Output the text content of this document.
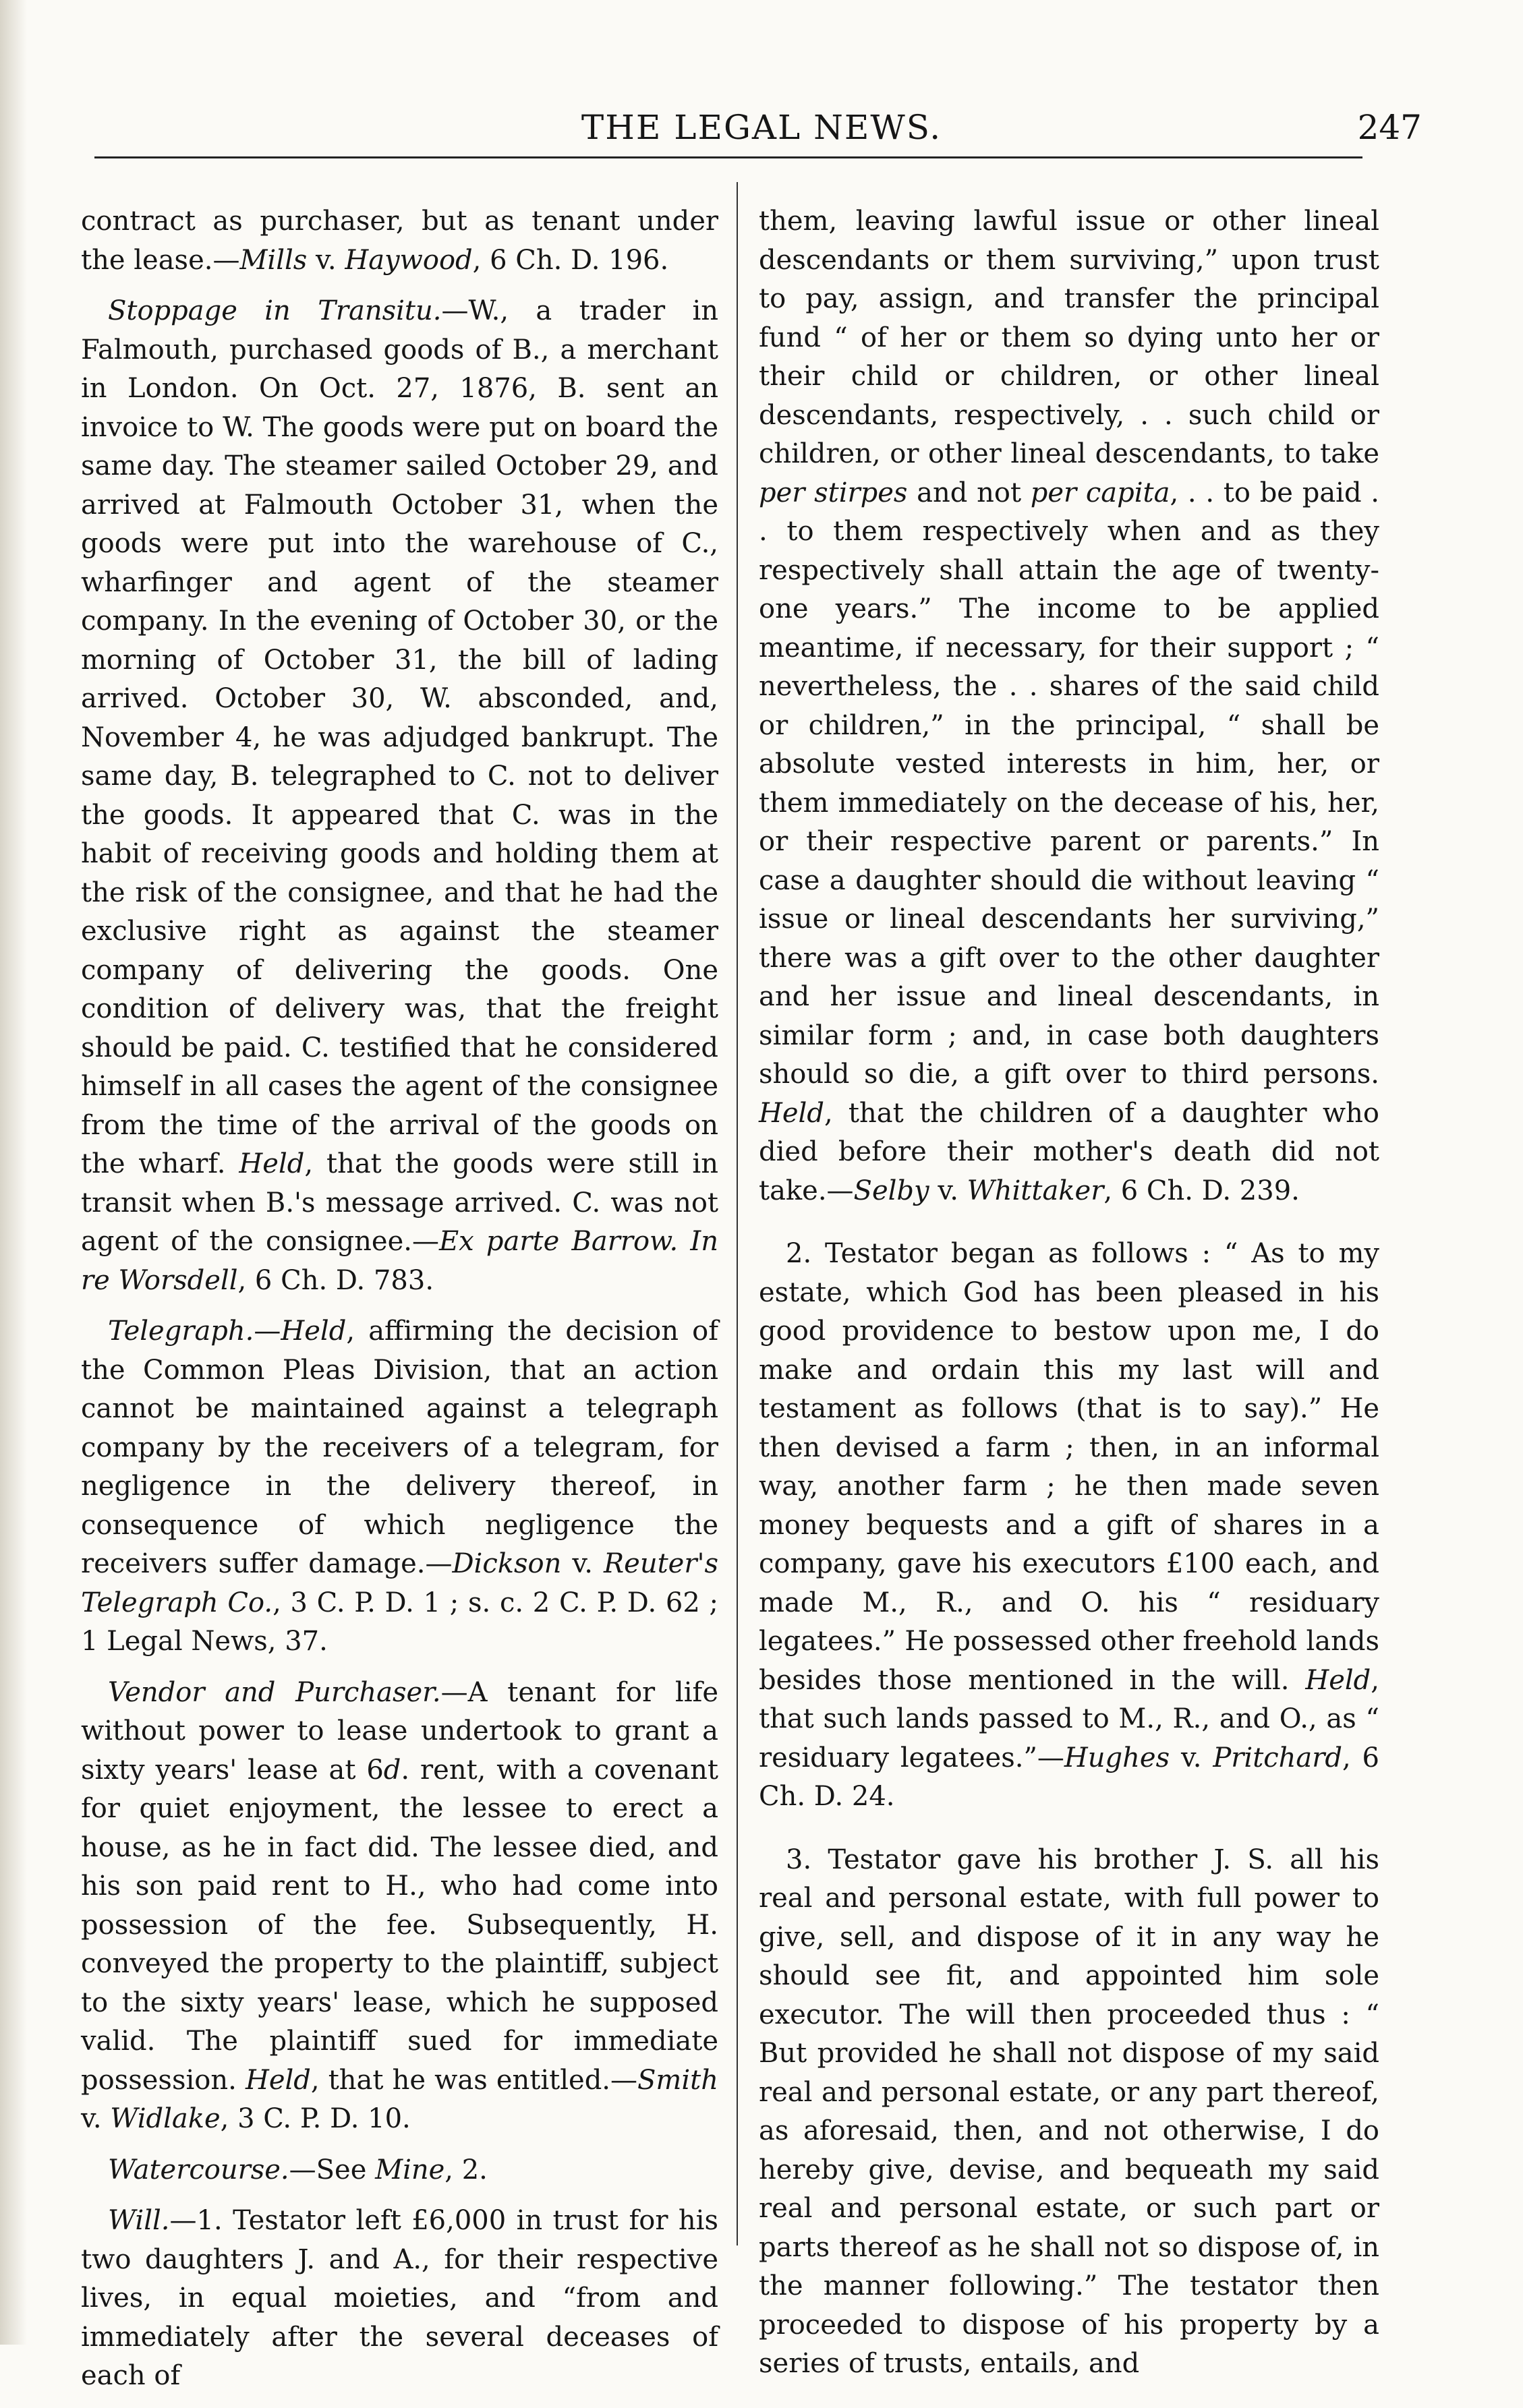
THE LEGAL NEWS.	247

contract as purchaser, but as tenant under the lease.—Mills v. Haywood, 6 Ch. D. 196.

Stoppage in Transitu.—W., a trader in Falmouth, purchased goods of B., a merchant in London. On Oct. 27, 1876, B. sent an invoice to W. The goods were put on board the same day. The steamer sailed October 29, and arrived at Falmouth October 31, when the goods were put into the warehouse of C., wharfinger and agent of the steamer company. In the evening of October 30, or the morning of October 31, the bill of lading arrived. October 30, W. absconded, and, November 4, he was adjudged bankrupt. The same day, B. telegraphed to C. not to deliver the goods. It appeared that C. was in the habit of receiving goods and holding them at the risk of the consignee, and that he had the exclusive right as against the steamer company of delivering the goods. One condition of delivery was, that the freight should be paid. C. testified that he considered himself in all cases the agent of the consignee from the time of the arrival of the goods on the wharf. Held, that the goods were still in transit when B.'s message arrived. C. was not agent of the consignee.—Ex parte Barrow. In re Worsdell, 6 Ch. D. 783.

Telegraph.—Held, affirming the decision of the Common Pleas Division, that an action cannot be maintained against a telegraph company by the receivers of a telegram, for negligence in the delivery thereof, in consequence of which negligence the receivers suffer damage.—Dickson v. Reuter's Telegraph Co., 3 C. P. D. 1 ; s. c. 2 C. P. D. 62 ; 1 Legal News, 37.

Vendor and Purchaser.—A tenant for life without power to lease undertook to grant a sixty years' lease at 6d. rent, with a covenant for quiet enjoyment, the lessee to erect a house, as he in fact did. The lessee died, and his son paid rent to H., who had come into possession of the fee. Subsequently, H. conveyed the property to the plaintiff, subject to the sixty years' lease, which he supposed valid. The plaintiff sued for immediate possession. Held, that he was entitled.—Smith v. Widlake, 3 C. P. D. 10.

Watercourse.—See Mine, 2.

Will.—1. Testator left £6,000 in trust for his two daughters J. and A., for their respective lives, in equal moieties, and “from and immediately after the several deceases of each of

them, leaving lawful issue or other lineal descendants or them surviving,” upon trust to pay, assign, and transfer the principal fund “ of her or them so dying unto her or their child or children, or other lineal descendants, respectively, . . such child or children, or other lineal descendants, to take per stirpes and not per capita, . . to be paid . . to them respectively when and as they respectively shall attain the age of twenty-one years.” The income to be applied meantime, if necessary, for their support ; “ nevertheless, the . . shares of the said child or children,” in the principal, “ shall be absolute vested interests in him, her, or them immediately on the decease of his, her, or their respective parent or parents.” In case a daughter should die without leaving “ issue or lineal descendants her surviving,” there was a gift over to the other daughter and her issue and lineal descendants, in similar form ; and, in case both daughters should so die, a gift over to third persons. Held, that the children of a daughter who died before their mother's death did not take.—Selby v. Whittaker, 6 Ch. D. 239.

2. Testator began as follows : “ As to my estate, which God has been pleased in his good providence to bestow upon me, I do make and ordain this my last will and testament as follows (that is to say).” He then devised a farm ; then, in an informal way, another farm ; he then made seven money bequests and a gift of shares in a company, gave his executors £100 each, and made M., R., and O. his “ residuary legatees.” He possessed other freehold lands besides those mentioned in the will. Held, that such lands passed to M., R., and O., as “ residuary legatees.”—Hughes v. Pritchard, 6 Ch. D. 24.

3. Testator gave his brother J. S. all his real and personal estate, with full power to give, sell, and dispose of it in any way he should see fit, and appointed him sole executor. The will then proceeded thus : “ But provided he shall not dispose of my said real and personal estate, or any part thereof, as aforesaid, then, and not otherwise, I do hereby give, devise, and bequeath my said real and personal estate, or such part or parts thereof as he shall not so dispose of, in the manner following.” The testator then proceeded to dispose of his property by a series of trusts, entails, and
